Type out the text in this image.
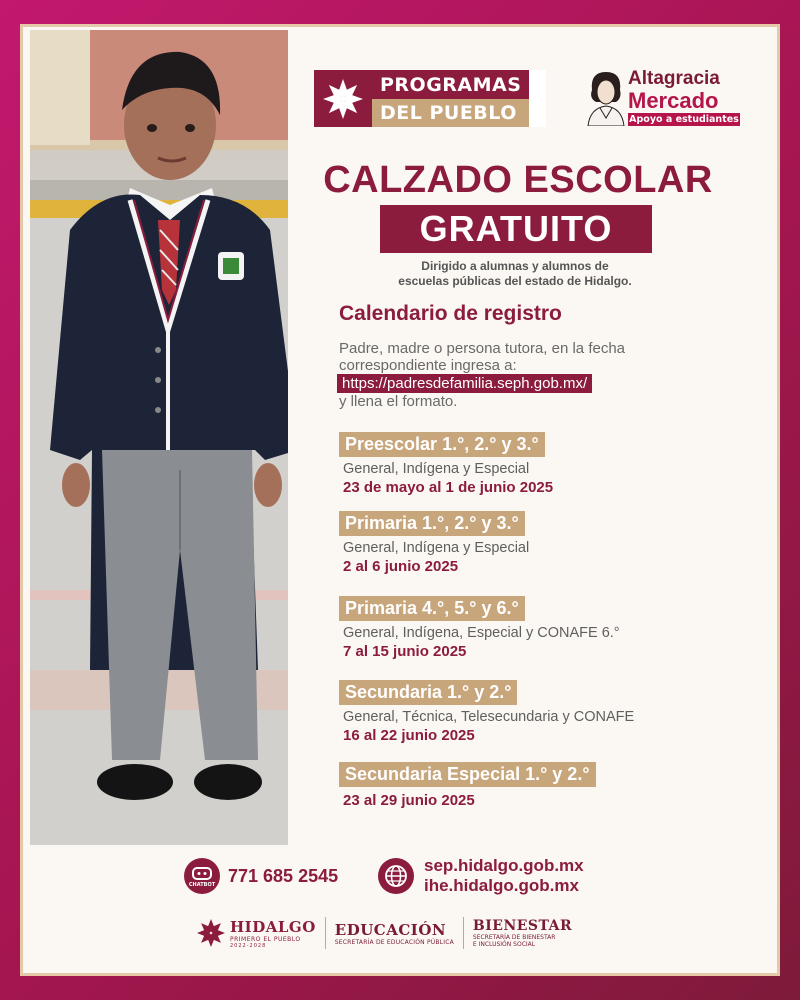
PROGRAMAS
DEL PUEBLO
Altagracia
Mercado
Apoyo a estudiantes
CALZADO ESCOLAR
GRATUITO
Dirigido a alumnas y alumnos de
escuelas públicas del estado de Hidalgo.
Calendario de registro
Padre, madre o persona tutora, en la fecha
correspondiente ingresa a:
https://padresdefamilia.seph.gob.mx/
y llena el formato.
Preescolar 1.°, 2.° y 3.°
General, Indígena y Especial
23 de mayo al 1 de junio 2025
Primaria 1.°, 2.° y 3.°
General, Indígena y Especial
2 al 6 junio 2025
Primaria 4.°, 5.° y 6.°
General, Indígena, Especial y CONAFE 6.°
7 al 15 junio 2025
Secundaria 1.° y 2.°
General, Técnica, Telesecundaria y CONAFE
16 al 22 junio 2025
Secundaria Especial 1.° y 2.°
23 al 29 junio 2025
CHATBOT 771 685 2545	sep.hidalgo.gob.mx
ihe.hidalgo.gob.mx
HIDALGO
PRIMERO EL PUEBLO
2022-2028
EDUCACIÓN
SECRETARÍA DE EDUCACIÓN PÚBLICA
BIENESTAR
SECRETARÍA DE BIENESTAR
E INCLUSIÓN SOCIAL
